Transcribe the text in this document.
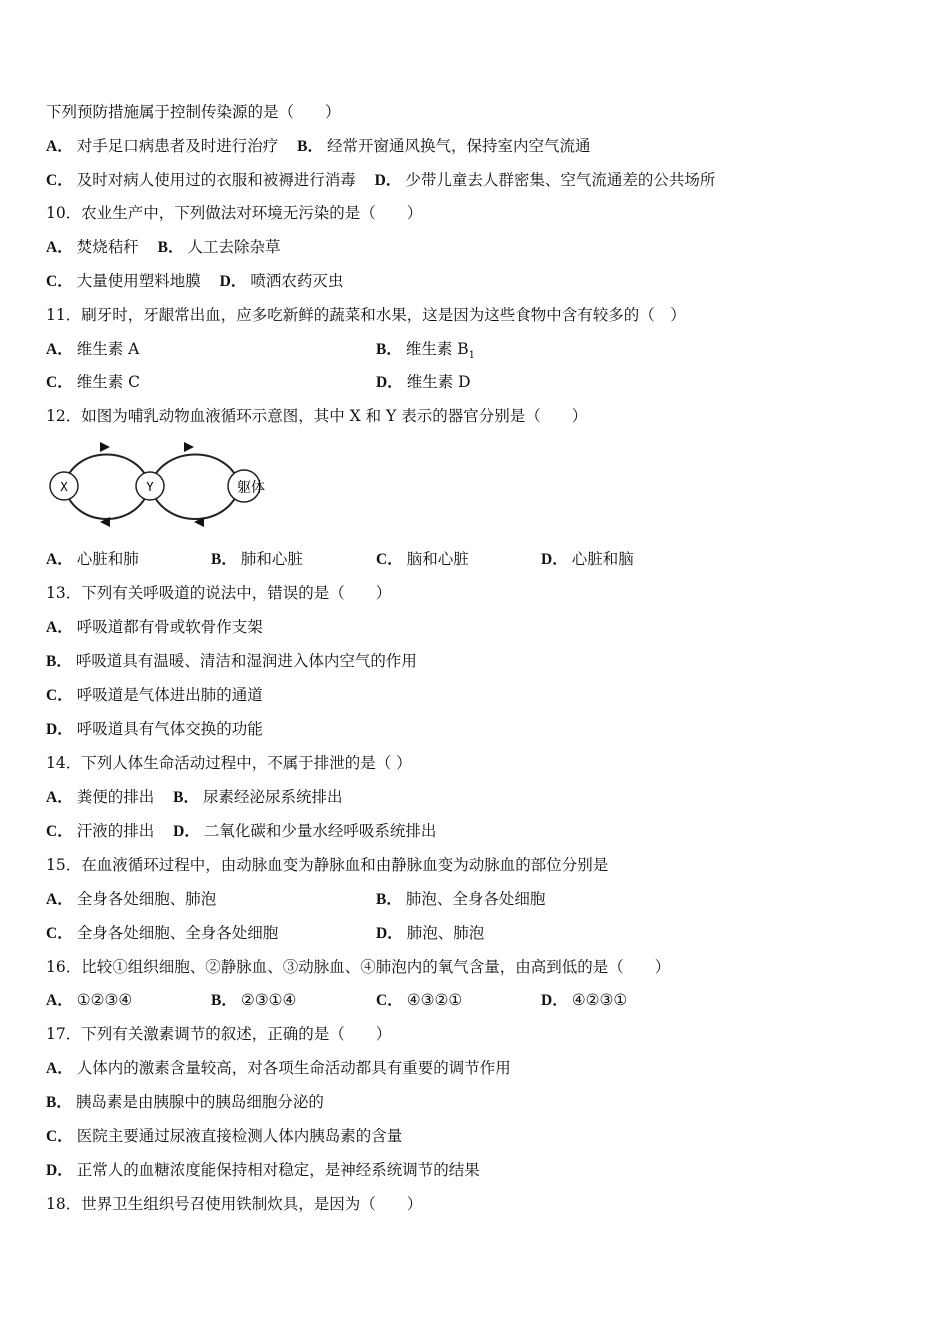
下列预防措施属于控制传染源的是（　　）
A． 对手足口病患者及时进行治疗 B． 经常开窗通风换气，保持室内空气流通
C． 及时对病人使用过的衣服和被褥进行消毒 D． 少带儿童去人群密集、空气流通差的公共场所
10．农业生产中，下列做法对环境无污染的是（　　）
A． 焚烧秸秆 B． 人工去除杂草
C． 大量使用塑料地膜 D． 喷洒农药灭虫
11．刷牙时，牙龈常出血，应多吃新鲜的蔬菜和水果，这是因为这些食物中含有较多的（　）
A． 维生素 A	B． 维生素 $B_1$
C． 维生素 C	D． 维生素 D
12．如图为哺乳动物血液循环示意图，其中 X 和 Y 表示的器官分别是（　　）
X	Y	躯体
A． 心脏和肺	B． 肺和心脏	C． 脑和心脏	D． 心脏和脑
13．下列有关呼吸道的说法中，错误的是（　　）
A． 呼吸道都有骨或软骨作支架
B． 呼吸道具有温暖、清洁和湿润进入体内空气的作用
C． 呼吸道是气体进出肺的通道
D． 呼吸道具有气体交换的功能
14．下列人体生命活动过程中，不属于排泄的是（ ）
A． 粪便的排出 B． 尿素经泌尿系统排出
C． 汗液的排出 D． 二氧化碳和少量水经呼吸系统排出
15．在血液循环过程中，由动脉血变为静脉血和由静脉血变为动脉血的部位分别是
A． 全身各处细胞、肺泡	B． 肺泡、全身各处细胞
C． 全身各处细胞、全身各处细胞	D． 肺泡、肺泡
16．比较①组织细胞、②静脉血、③动脉血、④肺泡内的氧气含量，由高到低的是（　　）
A． ①②③④	B． ②③①④	C． ④③②①	D． ④②③①
17．下列有关激素调节的叙述，正确的是（　　）
A． 人体内的激素含量较高，对各项生命活动都具有重要的调节作用
B． 胰岛素是由胰腺中的胰岛细胞分泌的
C． 医院主要通过尿液直接检测人体内胰岛素的含量
D． 正常人的血糖浓度能保持相对稳定，是神经系统调节的结果
18．世界卫生组织号召使用铁制炊具，是因为（　　）
